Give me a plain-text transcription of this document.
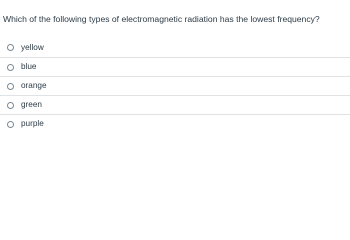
Which of the following types of electromagnetic radiation has the lowest frequency?
yellow
blue
orange
green
purple
